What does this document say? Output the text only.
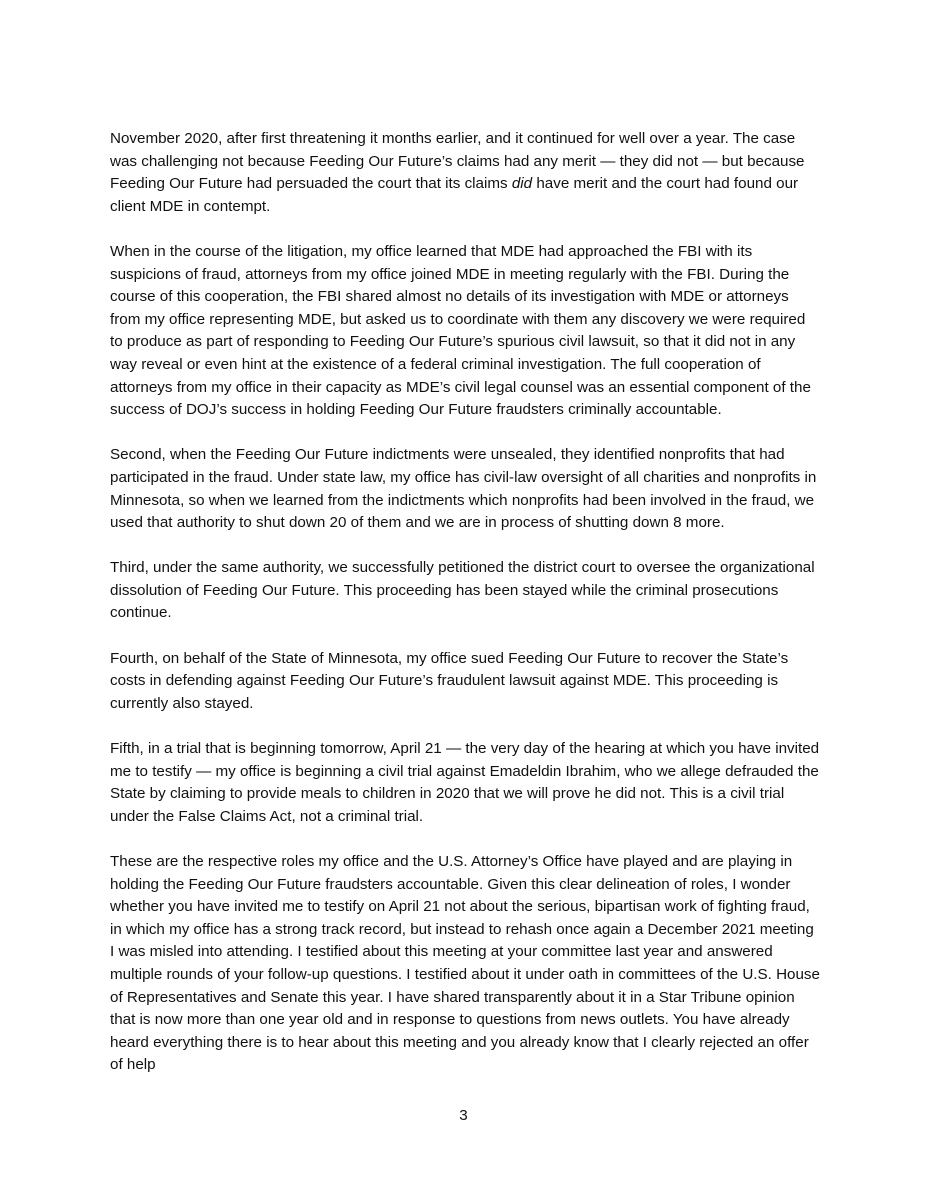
November 2020, after first threatening it months earlier, and it continued for well over a year. The case was challenging not because Feeding Our Future’s claims had any merit — they did not — but because Feeding Our Future had persuaded the court that its claims did have merit and the court had found our client MDE in contempt.

When in the course of the litigation, my office learned that MDE had approached the FBI with its suspicions of fraud, attorneys from my office joined MDE in meeting regularly with the FBI. During the course of this cooperation, the FBI shared almost no details of its investigation with MDE or attorneys from my office representing MDE, but asked us to coordinate with them any discovery we were required to produce as part of responding to Feeding Our Future’s spurious civil lawsuit, so that it did not in any way reveal or even hint at the existence of a federal criminal investigation. The full cooperation of attorneys from my office in their capacity as MDE’s civil legal counsel was an essential component of the success of DOJ’s success in holding Feeding Our Future fraudsters criminally accountable.

Second, when the Feeding Our Future indictments were unsealed, they identified nonprofits that had participated in the fraud. Under state law, my office has civil-law oversight of all charities and nonprofits in Minnesota, so when we learned from the indictments which nonprofits had been involved in the fraud, we used that authority to shut down 20 of them and we are in process of shutting down 8 more.

Third, under the same authority, we successfully petitioned the district court to oversee the organizational dissolution of Feeding Our Future. This proceeding has been stayed while the criminal prosecutions continue.

Fourth, on behalf of the State of Minnesota, my office sued Feeding Our Future to recover the State’s costs in defending against Feeding Our Future’s fraudulent lawsuit against MDE. This proceeding is currently also stayed.

Fifth, in a trial that is beginning tomorrow, April 21 — the very day of the hearing at which you have invited me to testify — my office is beginning a civil trial against Emadeldin Ibrahim, who we allege defrauded the State by claiming to provide meals to children in 2020 that we will prove he did not. This is a civil trial under the False Claims Act, not a criminal trial.

These are the respective roles my office and the U.S. Attorney’s Office have played and are playing in holding the Feeding Our Future fraudsters accountable. Given this clear delineation of roles, I wonder whether you have invited me to testify on April 21 not about the serious, bipartisan work of fighting fraud, in which my office has a strong track record, but instead to rehash once again a December 2021 meeting I was misled into attending. I testified about this meeting at your committee last year and answered multiple rounds of your follow-up questions. I testified about it under oath in committees of the U.S. House of Representatives and Senate this year. I have shared transparently about it in a Star Tribune opinion that is now more than one year old and in response to questions from news outlets. You have already heard everything there is to hear about this meeting and you already know that I clearly rejected an offer of help

3
